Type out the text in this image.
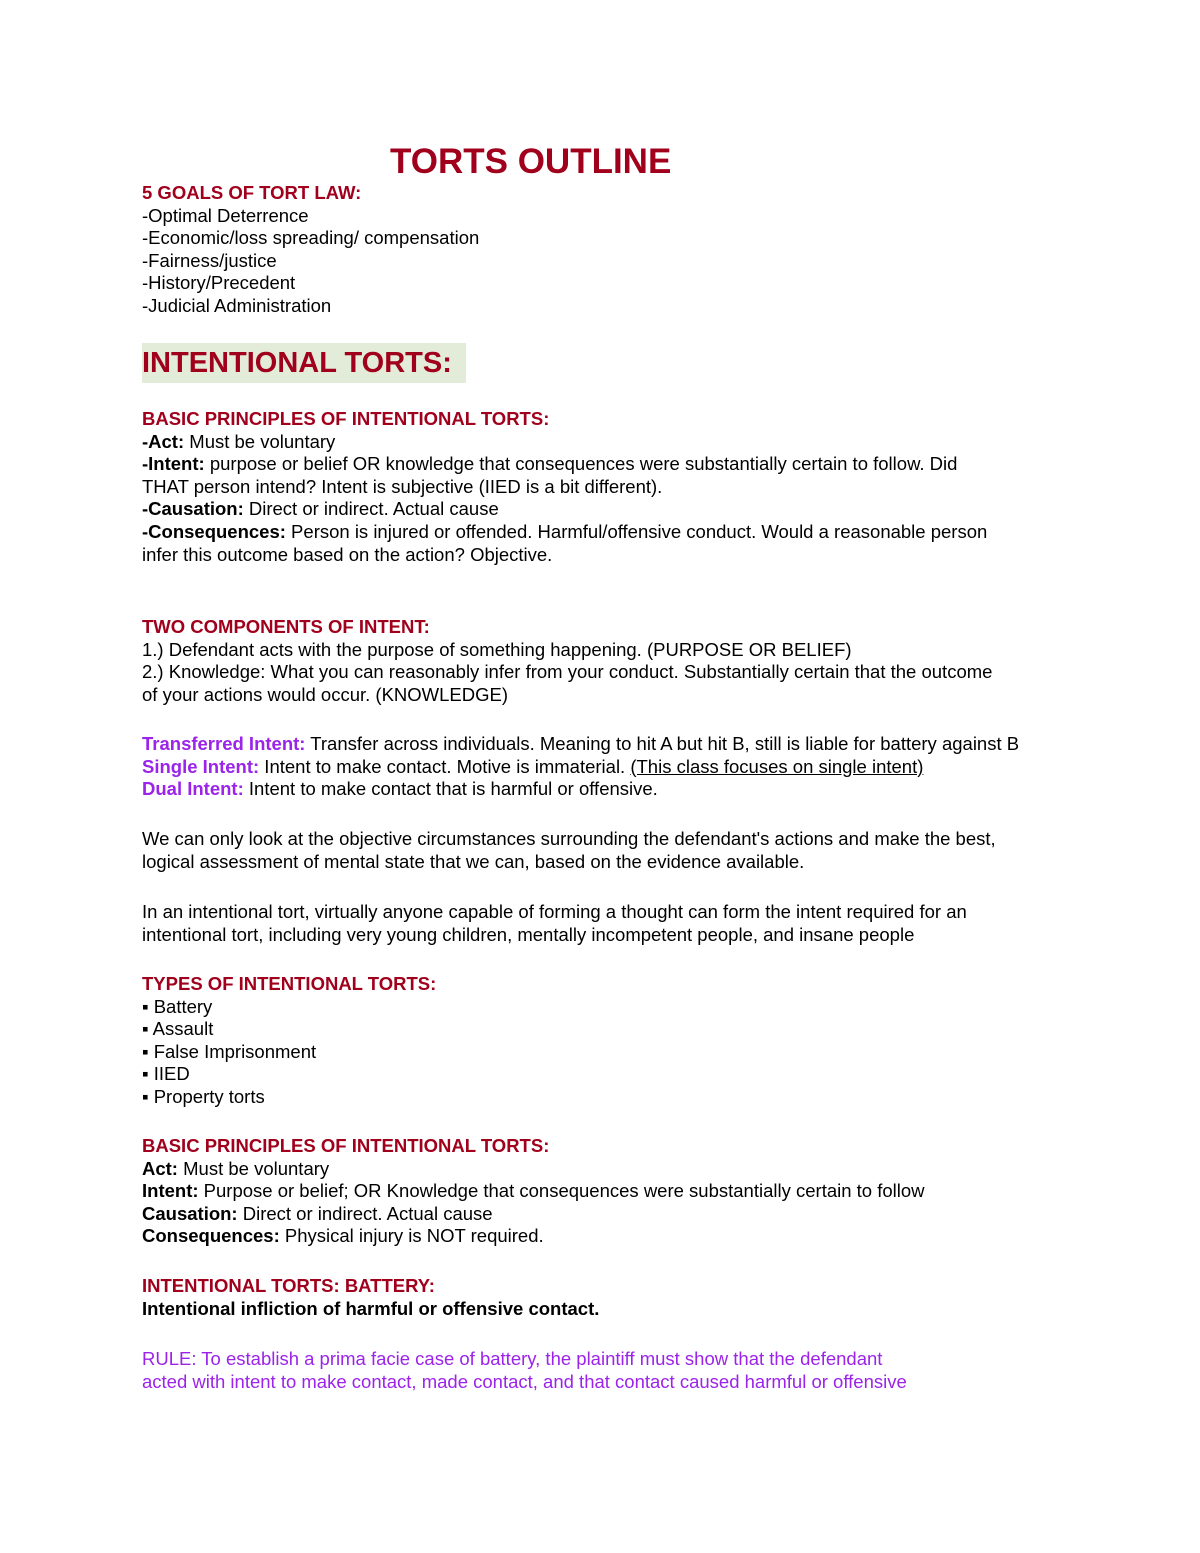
TORTS OUTLINE
5 GOALS OF TORT LAW:
-Optimal Deterrence
-Economic/loss spreading/ compensation
-Fairness/justice
-History/Precedent
-Judicial Administration
INTENTIONAL TORTS:
BASIC PRINCIPLES OF INTENTIONAL TORTS:
-Act: Must be voluntary
-Intent: purpose or belief OR knowledge that consequences were substantially certain to follow. Did
THAT person intend? Intent is subjective (IIED is a bit different).
-Causation: Direct or indirect. Actual cause
-Consequences: Person is injured or offended. Harmful/offensive conduct. Would a reasonable person
infer this outcome based on the action? Objective.
TWO COMPONENTS OF INTENT:
1.) Defendant acts with the purpose of something happening. (PURPOSE OR BELIEF)
2.) Knowledge: What you can reasonably infer from your conduct. Substantially certain that the outcome
of your actions would occur. (KNOWLEDGE)
Transferred Intent: Transfer across individuals. Meaning to hit A but hit B, still is liable for battery against B
Single Intent: Intent to make contact. Motive is immaterial. (This class focuses on single intent)
Dual Intent: Intent to make contact that is harmful or offensive.
We can only look at the objective circumstances surrounding the defendant's actions and make the best,
logical assessment of mental state that we can, based on the evidence available.
In an intentional tort, virtually anyone capable of forming a thought can form the intent required for an
intentional tort, including very young children, mentally incompetent people, and insane people
TYPES OF INTENTIONAL TORTS:
▪ Battery
▪ Assault
▪ False Imprisonment
▪ IIED
▪ Property torts
BASIC PRINCIPLES OF INTENTIONAL TORTS:
Act: Must be voluntary
Intent: Purpose or belief; OR Knowledge that consequences were substantially certain to follow
Causation: Direct or indirect. Actual cause
Consequences: Physical injury is NOT required.
INTENTIONAL TORTS: BATTERY:
Intentional infliction of harmful or offensive contact.
RULE: To establish a prima facie case of battery, the plaintiff must show that the defendant
acted with intent to make contact, made contact, and that contact caused harmful or offensive
